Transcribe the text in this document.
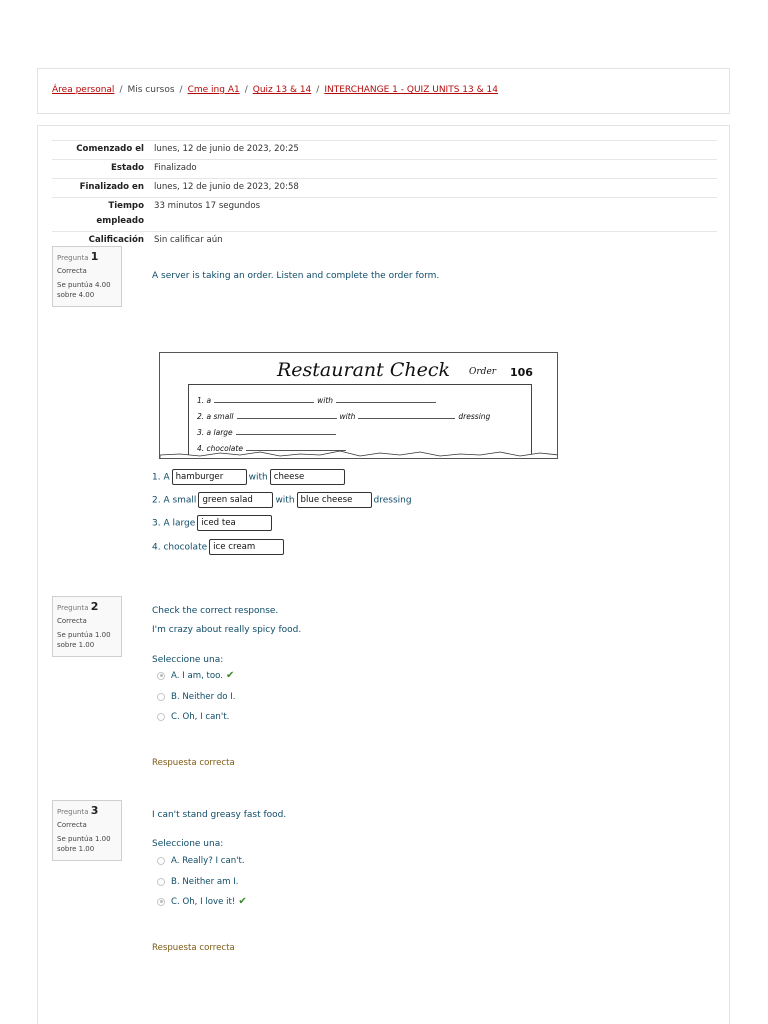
Área personal / Mis cursos / Cme ing A1 / Quiz 13 & 14 / INTERCHANGE 1 - QUIZ UNITS 13 & 14
Comenzado el	lunes, 12 de junio de 2023, 20:25
Estado	Finalizado
Finalizado en	lunes, 12 de junio de 2023, 20:58
Tiempo
empleado	33 minutos 17 segundos
Calificación	Sin calificar aún
Pregunta 1
Correcta
Se puntúa 4.00 sobre 4.00
A server is taking an order. Listen and complete the order form.
Restaurant Check Order 106
1. a	with
2. a small	with	dressing
3. a large
4. chocolate
1. A hamburger	with cheese
2. A small green salad	with blue cheese dressing
3. A large iced tea
4. chocolate ice cream
Pregunta 2
Correcta
Se puntúa 1.00 sobre 1.00
Check the correct response.
I'm crazy about really spicy food.
Seleccione una:
A. I am, too. ✔
B. Neither do I.
C. Oh, I can't.
Respuesta correcta
Pregunta 3
Correcta
Se puntúa 1.00 sobre 1.00
I can't stand greasy fast food.
Seleccione una:
A. Really? I can't.
B. Neither am I.
C. Oh, I love it! ✔
Respuesta correcta
